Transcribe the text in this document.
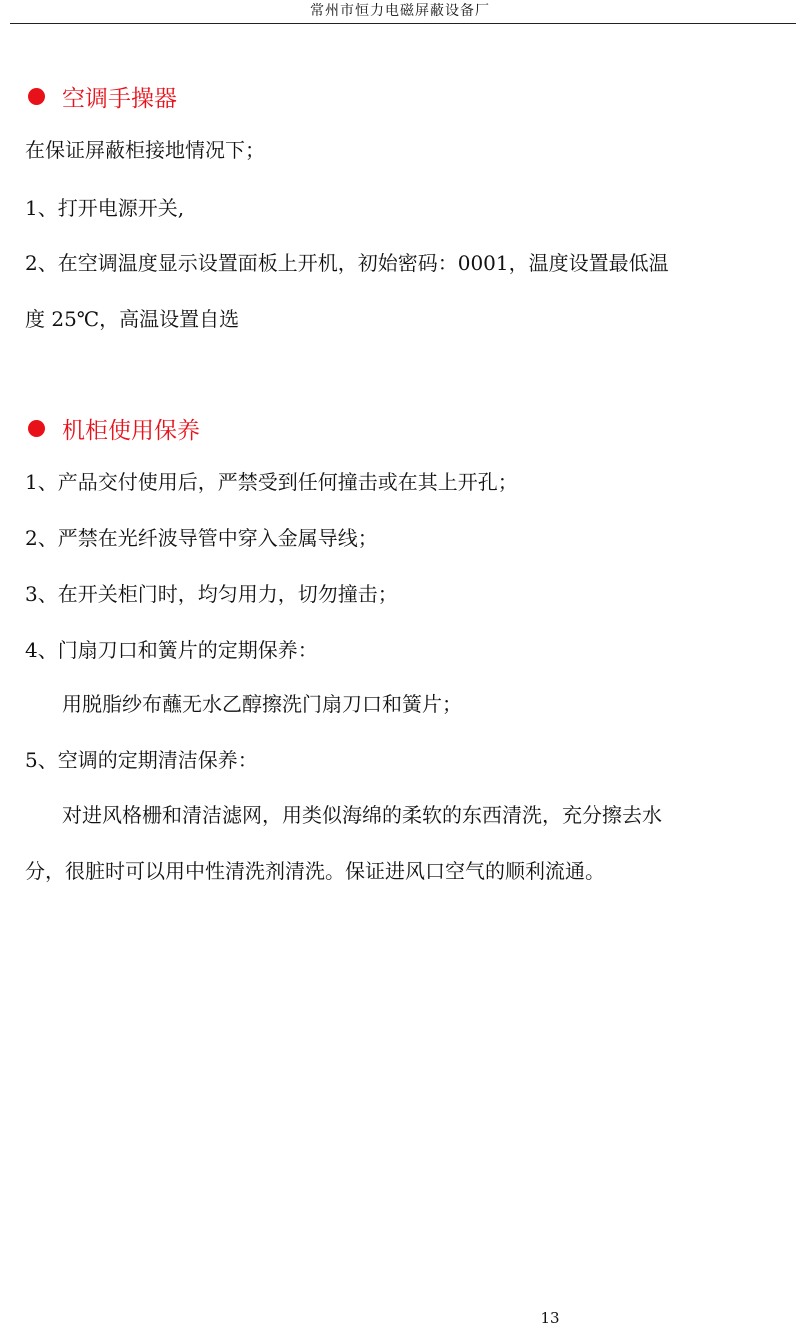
常州市恒力电磁屏蔽设备厂
空调手操器
在保证屏蔽柜接地情况下；
1、打开电源开关,
2、在空调温度显示设置面板上开机，初始密码：0001，温度设置最低温
度 25℃，高温设置自选
机柜使用保养
1、产品交付使用后，严禁受到任何撞击或在其上开孔；
2、严禁在光纤波导管中穿入金属导线；
3、在开关柜门时，均匀用力，切勿撞击；
4、门扇刀口和簧片的定期保养：
用脱脂纱布蘸无水乙醇擦洗门扇刀口和簧片；
5、空调的定期清洁保养：
对进风格栅和清洁滤网，用类似海绵的柔软的东西清洗，充分擦去水
分，很脏时可以用中性清洗剂清洗。保证进风口空气的顺利流通。
13
